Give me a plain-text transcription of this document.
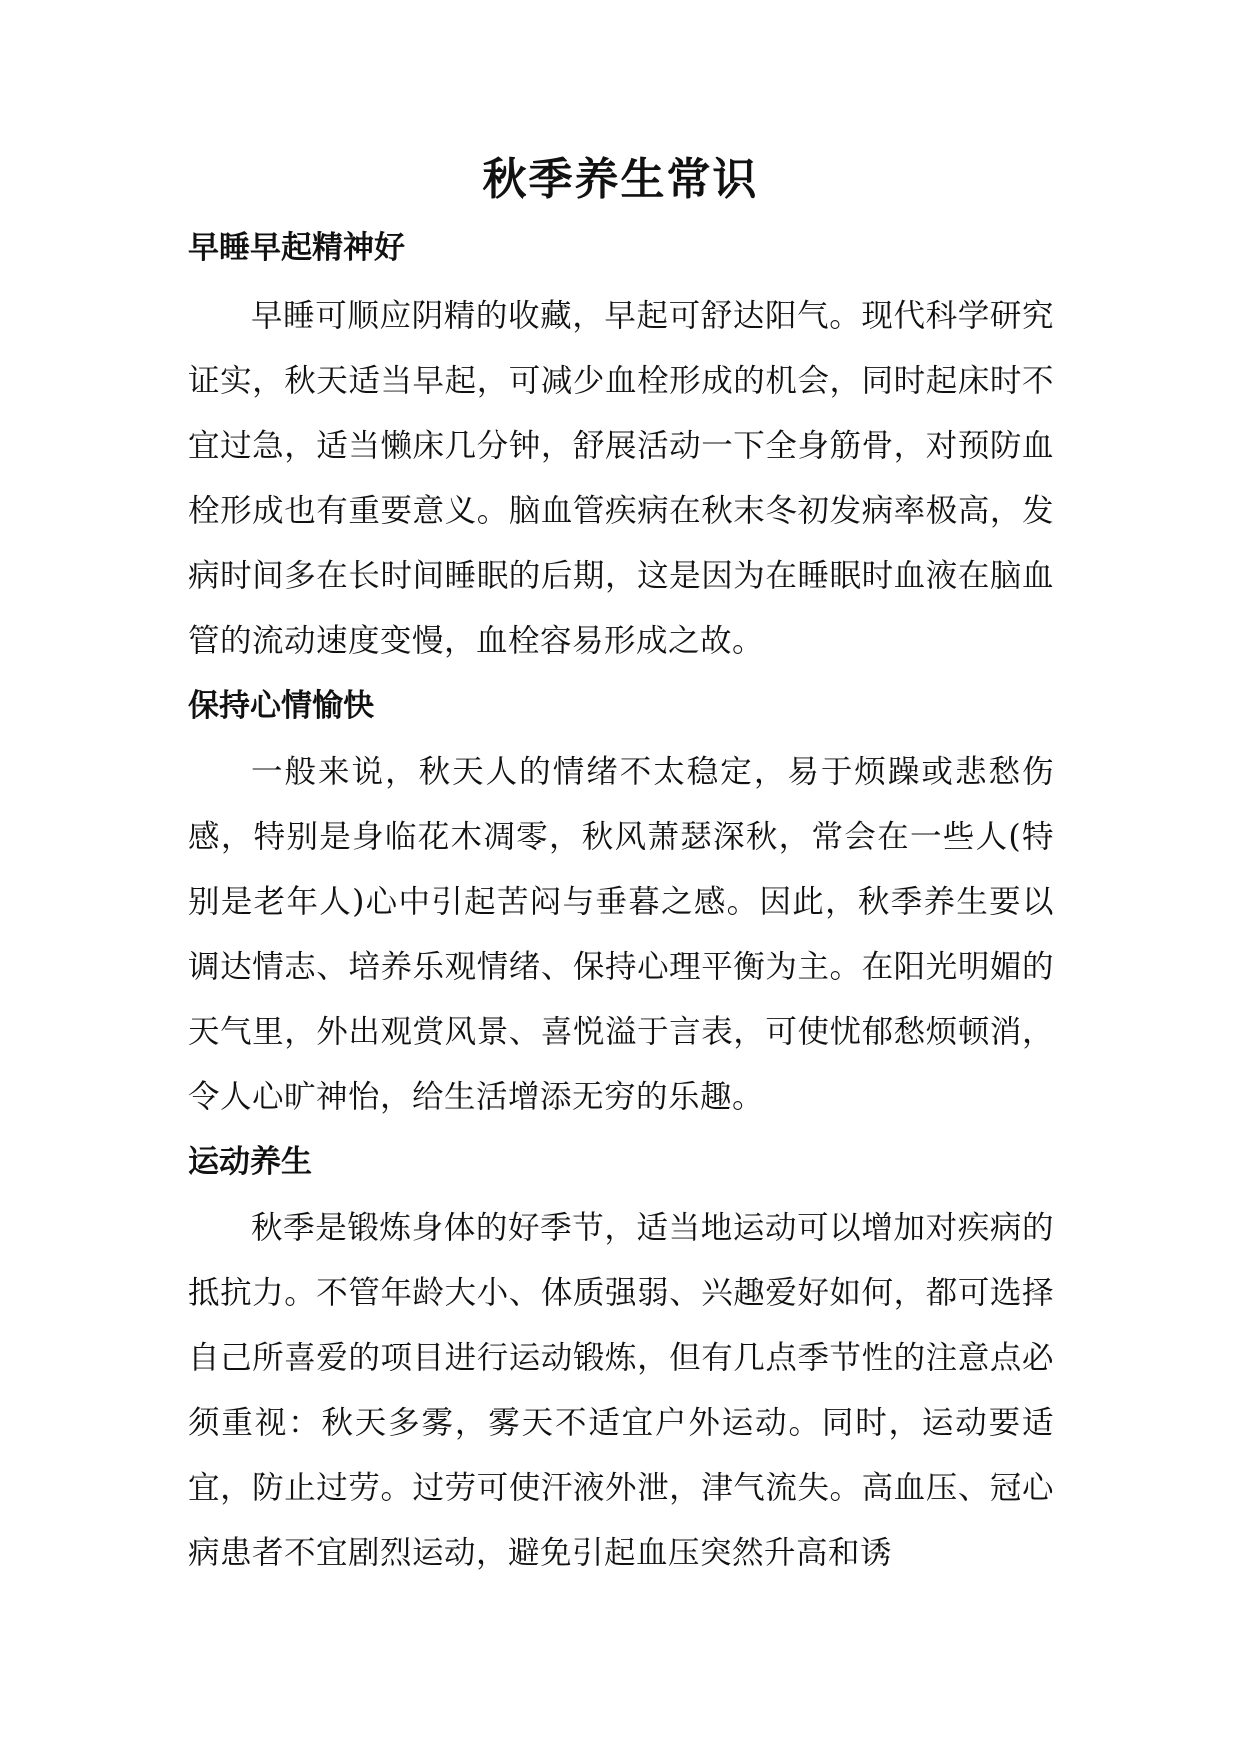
秋季养生常识
早睡早起精神好

早睡可顺应阴精的收藏，早起可舒达阳气。现代科学研究证实，秋天适当早起，可减少血栓形成的机会，同时起床时不宜过急，适当懒床几分钟，舒展活动一下全身筋骨，对预防血栓形成也有重要意义。脑血管疾病在秋末冬初发病率极高，发病时间多在长时间睡眠的后期，这是因为在睡眠时血液在脑血管的流动速度变慢，血栓容易形成之故。

保持心情愉快

一般来说，秋天人的情绪不太稳定，易于烦躁或悲愁伤感，特别是身临花木凋零，秋风萧瑟深秋，常会在一些人(特别是老年人)心中引起苦闷与垂暮之感。因此，秋季养生要以调达情志、培养乐观情绪、保持心理平衡为主。在阳光明媚的天气里，外出观赏风景、喜悦溢于言表，可使忧郁愁烦顿消，令人心旷神怡，给生活增添无穷的乐趣。

运动养生

秋季是锻炼身体的好季节，适当地运动可以增加对疾病的抵抗力。不管年龄大小、体质强弱、兴趣爱好如何，都可选择自己所喜爱的项目进行运动锻炼，但有几点季节性的注意点必须重视：秋天多雾，雾天不适宜户外运动。同时，运动要适宜，防止过劳。过劳可使汗液外泄，津气流失。高血压、冠心病患者不宜剧烈运动，避免引起血压突然升高和诱
